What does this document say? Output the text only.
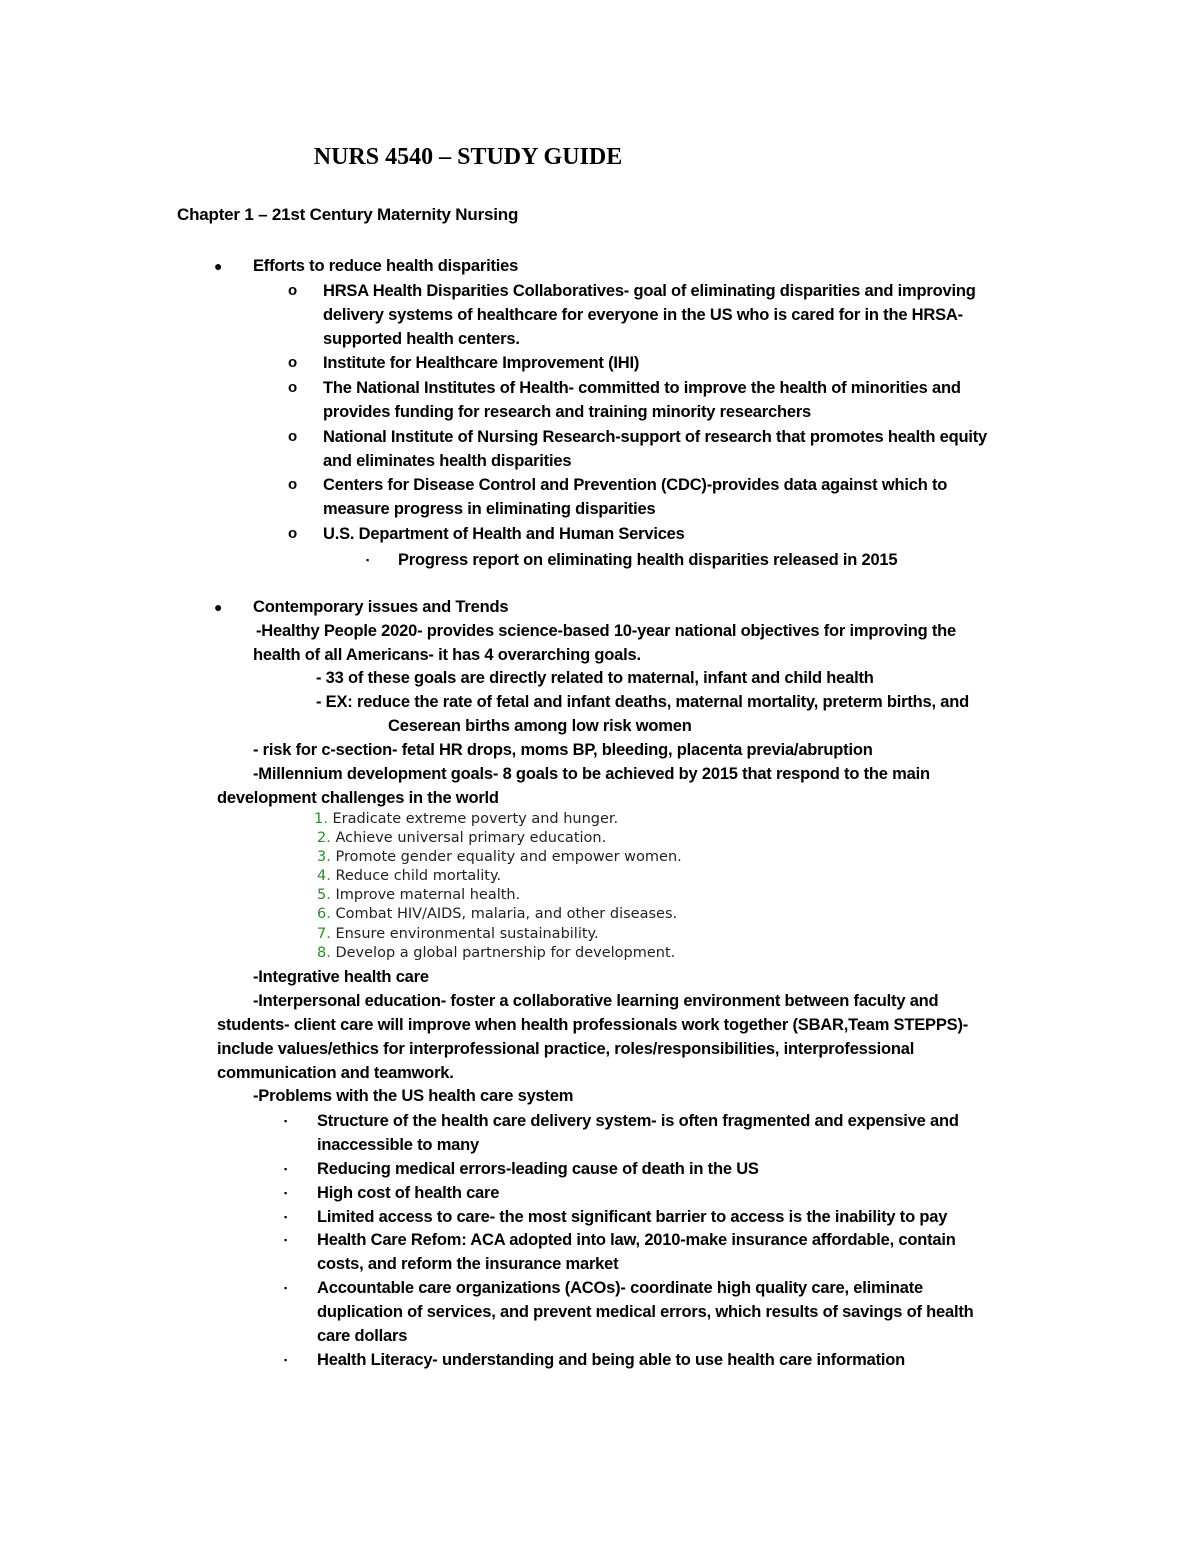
NURS 4540 – STUDY GUIDE
Chapter 1 – 21st Century Maternity Nursing
● Efforts to reduce health disparities
o HRSA Health Disparities Collaboratives- goal of eliminating disparities and improving
delivery systems of healthcare for everyone in the US who is cared for in the HRSA-
supported health centers.
o Institute for Healthcare Improvement (IHI)
o The National Institutes of Health- committed to improve the health of minorities and
provides funding for research and training minority researchers
o National Institute of Nursing Research-support of research that promotes health equity
and eliminates health disparities
o Centers for Disease Control and Prevention (CDC)-provides data against which to
measure progress in eliminating disparities
o U.S. Department of Health and Human Services
▪ Progress report on eliminating health disparities released in 2015
● Contemporary issues and Trends
-Healthy People 2020- provides science-based 10-year national objectives for improving the
health of all Americans- it has 4 overarching goals.
- 33 of these goals are directly related to maternal, infant and child health
- EX: reduce the rate of fetal and infant deaths, maternal mortality, preterm births, and
Ceserean births among low risk women
- risk for c-section- fetal HR drops, moms BP, bleeding, placenta previa/abruption
-Millennium development goals- 8 goals to be achieved by 2015 that respond to the main
development challenges in the world
1. Eradicate extreme poverty and hunger.
2. Achieve universal primary education.
3. Promote gender equality and empower women.
4. Reduce child mortality.
5. Improve maternal health.
6. Combat HIV/AIDS, malaria, and other diseases.
7. Ensure environmental sustainability.
8. Develop a global partnership for development.
-Integrative health care
-Interpersonal education- foster a collaborative learning environment between faculty and
students- client care will improve when health professionals work together (SBAR,Team STEPPS)-
include values/ethics for interprofessional practice, roles/responsibilities, interprofessional
communication and teamwork.
-Problems with the US health care system
▪ Structure of the health care delivery system- is often fragmented and expensive and
inaccessible to many
▪ Reducing medical errors-leading cause of death in the US
▪ High cost of health care
▪ Limited access to care- the most significant barrier to access is the inability to pay
▪ Health Care Refom: ACA adopted into law, 2010-make insurance affordable, contain
costs, and reform the insurance market
▪ Accountable care organizations (ACOs)- coordinate high quality care, eliminate
duplication of services, and prevent medical errors, which results of savings of health
care dollars
▪ Health Literacy- understanding and being able to use health care information
